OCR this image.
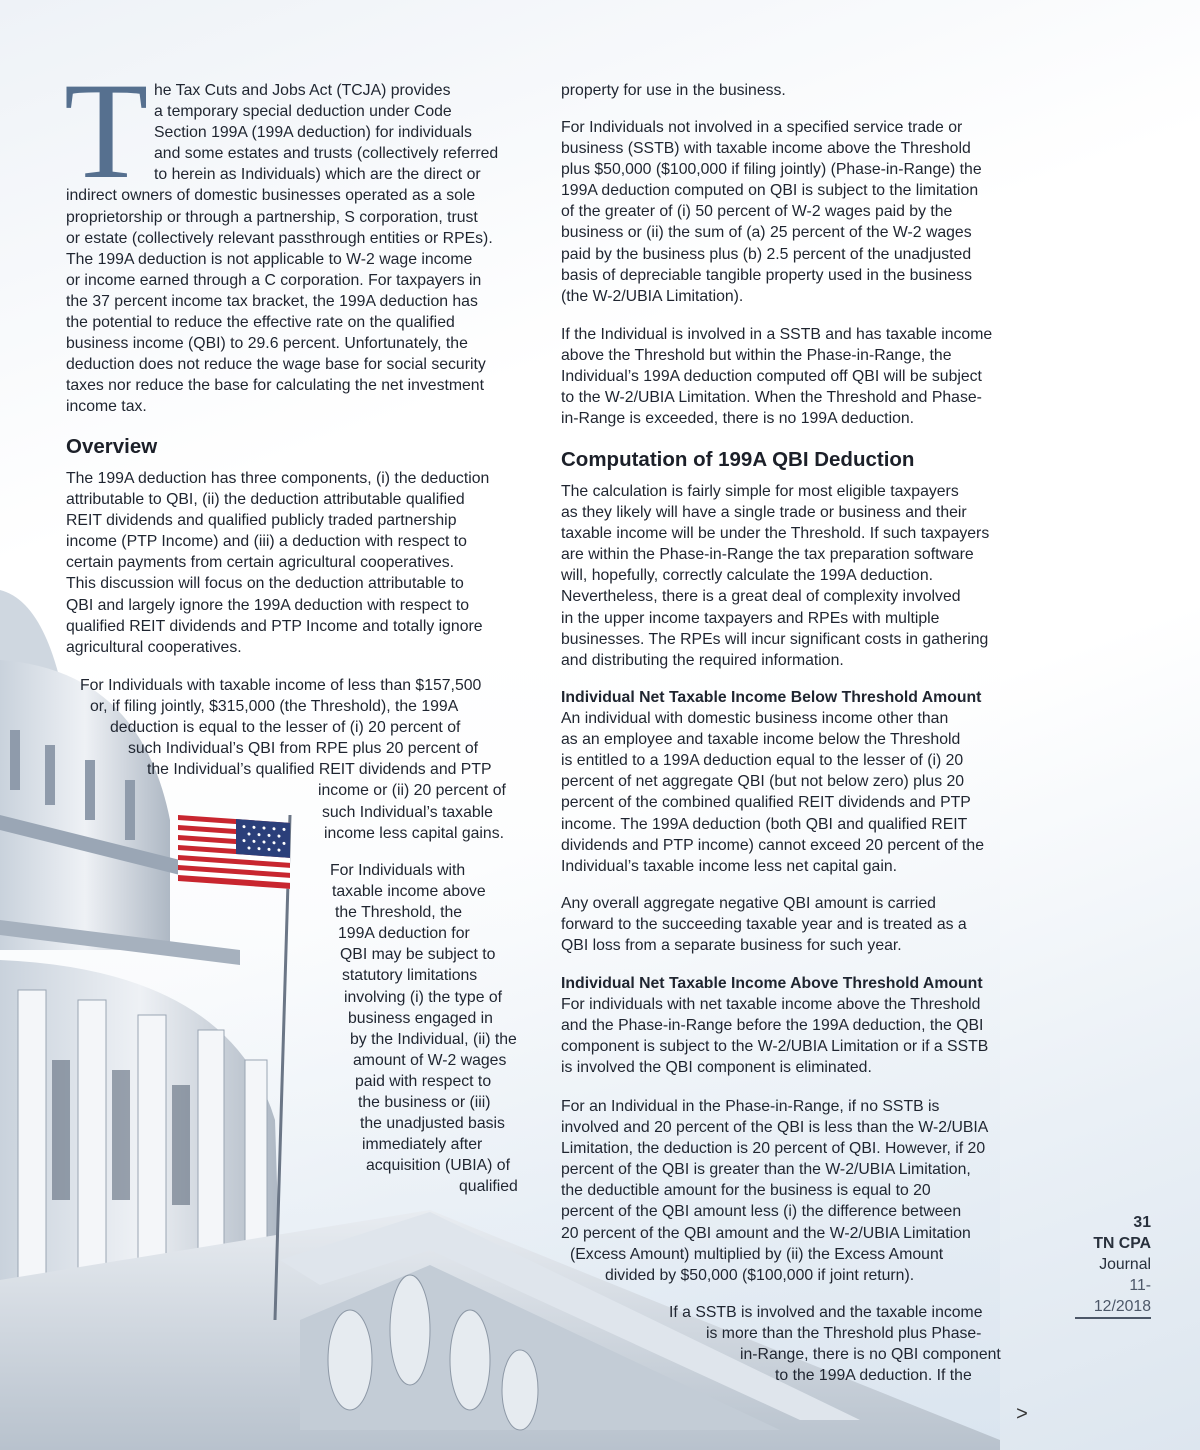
T he Tax Cuts and Jobs Act (TCJA) provides
a temporary special deduction under Code
Section 199A (199A deduction) for individuals
and some estates and trusts (collectively referred
to herein as Individuals) which are the direct or
indirect owners of domestic businesses operated as a sole
proprietorship or through a partnership, S corporation, trust
or estate (collectively relevant passthrough entities or RPEs).
The 199A deduction is not applicable to W-2 wage income
or income earned through a C corporation. For taxpayers in
the 37 percent income tax bracket, the 199A deduction has
the potential to reduce the effective rate on the qualified
business income (QBI) to 29.6 percent. Unfortunately, the
deduction does not reduce the wage base for social security
taxes nor reduce the base for calculating the net investment
income tax.
Overview
The 199A deduction has three components, (i) the deduction
attributable to QBI, (ii) the deduction attributable qualified
REIT dividends and qualified publicly traded partnership
income (PTP Income) and (iii) a deduction with respect to
certain payments from certain agricultural cooperatives.
This discussion will focus on the deduction attributable to
QBI and largely ignore the 199A deduction with respect to
qualified REIT dividends and PTP Income and totally ignore
agricultural cooperatives.
For Individuals with taxable income of less than $157,500
or, if filing jointly, $315,000 (the Threshold), the 199A
deduction is equal to the lesser of (i) 20 percent of
such Individual’s QBI from RPE plus 20 percent of
the Individual’s qualified REIT dividends and PTP
income or (ii) 20 percent of
such Individual’s taxable
income less capital gains.
For Individuals with
taxable income above
the Threshold, the
199A deduction for
QBI may be subject to
statutory limitations
involving (i) the type of
business engaged in
by the Individual, (ii) the
amount of W-2 wages
paid with respect to
the business or (iii)
the unadjusted basis
immediately after
acquisition (UBIA) of
qualified
property for use in the business.
For Individuals not involved in a specified service trade or
business (SSTB) with taxable income above the Threshold
plus $50,000 ($100,000 if filing jointly) (Phase-in-Range) the
199A deduction computed on QBI is subject to the limitation
of the greater of (i) 50 percent of W-2 wages paid by the
business or (ii) the sum of (a) 25 percent of the W-2 wages
paid by the business plus (b) 2.5 percent of the unadjusted
basis of depreciable tangible property used in the business
(the W-2/UBIA Limitation).
If the Individual is involved in a SSTB and has taxable income
above the Threshold but within the Phase-in-Range, the
Individual’s 199A deduction computed off QBI will be subject
to the W-2/UBIA Limitation. When the Threshold and Phase-
in-Range is exceeded, there is no 199A deduction.
Computation of 199A QBI Deduction
The calculation is fairly simple for most eligible taxpayers
as they likely will have a single trade or business and their
taxable income will be under the Threshold. If such taxpayers
are within the Phase-in-Range the tax preparation software
will, hopefully, correctly calculate the 199A deduction.
Nevertheless, there is a great deal of complexity involved
in the upper income taxpayers and RPEs with multiple
businesses. The RPEs will incur significant costs in gathering
and distributing the required information.
Individual Net Taxable Income Below Threshold Amount
An individual with domestic business income other than
as an employee and taxable income below the Threshold
is entitled to a 199A deduction equal to the lesser of (i) 20
percent of net aggregate QBI (but not below zero) plus 20
percent of the combined qualified REIT dividends and PTP
income. The 199A deduction (both QBI and qualified REIT
dividends and PTP income) cannot exceed 20 percent of the
Individual’s taxable income less net capital gain.
Any overall aggregate negative QBI amount is carried
forward to the succeeding taxable year and is treated as a
QBI loss from a separate business for such year.
Individual Net Taxable Income Above Threshold Amount
For individuals with net taxable income above the Threshold
and the Phase-in-Range before the 199A deduction, the QBI
component is subject to the W-2/UBIA Limitation or if a SSTB
is involved the QBI component is eliminated.
For an Individual in the Phase-in-Range, if no SSTB is
involved and 20 percent of the QBI is less than the W-2/UBIA
Limitation, the deduction is 20 percent of QBI. However, if 20
percent of the QBI is greater than the W-2/UBIA Limitation,
the deductible amount for the business is equal to 20
percent of the QBI amount less (i) the difference between
20 percent of the QBI amount and the W-2/UBIA Limitation
(Excess Amount) multiplied by (ii) the Excess Amount
divided by $50,000 ($100,000 if joint return).
If a SSTB is involved and the taxable income
is more than the Threshold plus Phase-
in-Range, there is no QBI component
to the 199A deduction. If the
31
TN CPA
Journal
11-12/2018
>
